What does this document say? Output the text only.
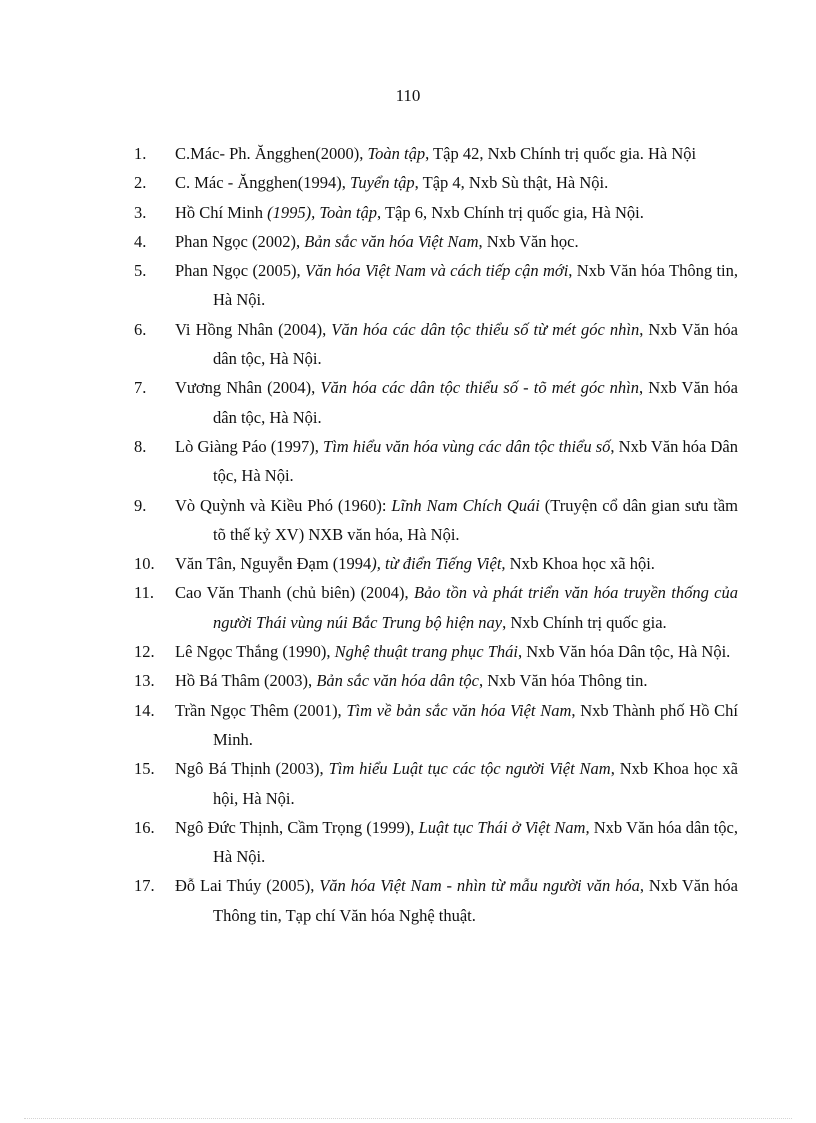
110
1.	C.Mác- Ph. Ăngghen(2000), Toàn tập, Tập 42, Nxb Chính trị quốc gia. Hà Nội
2.	C. Mác - Ăngghen(1994), Tuyển tập, Tập 4, Nxb Sù thật, Hà Nội.
3.	Hồ Chí Minh (1995), Toàn tập, Tập 6, Nxb Chính trị quốc gia, Hà Nội.
4.	Phan Ngọc (2002), Bản sắc văn hóa Việt Nam, Nxb Văn học.
5.	Phan Ngọc (2005), Văn hóa Việt Nam và cách tiếp cận mới, Nxb Văn hóa Thông tin, Hà Nội.
6.	Vi Hồng Nhân (2004), Văn hóa các dân tộc thiểu số từ mét góc nhìn, Nxb Văn hóa dân tộc, Hà Nội.
7.	Vương Nhân (2004), Văn hóa các dân tộc thiểu số - tõ mét góc nhìn, Nxb Văn hóa dân tộc, Hà Nội.
8.	Lò Giàng Páo (1997), Tìm hiểu văn hóa vùng các dân tộc thiểu số, Nxb Văn hóa Dân tộc, Hà Nội.
9.	Vò Quỳnh và Kiều Phó (1960): Lĩnh Nam Chích Quái (Truyện cổ dân gian sưu tầm tõ thế kỷ XV) NXB văn hóa, Hà Nội.
10.	Văn Tân, Nguyễn Đạm (1994), từ điển Tiếng Việt, Nxb Khoa học xã hội.
11.	Cao Văn Thanh (chủ biên) (2004), Bảo tồn và phát triển văn hóa truyền thống của người Thái vùng núi Bắc Trung bộ hiện nay, Nxb Chính trị quốc gia.
12.	Lê Ngọc Thắng (1990), Nghệ thuật trang phục Thái, Nxb Văn hóa Dân tộc, Hà Nội.
13.	Hồ Bá Thâm (2003), Bản sắc văn hóa dân tộc, Nxb Văn hóa Thông tin.
14.	Trần Ngọc Thêm (2001), Tìm về bản sắc văn hóa Việt Nam, Nxb Thành phố Hồ Chí Minh.
15.	Ngô Bá Thịnh (2003), Tìm hiểu Luật tục các tộc người Việt Nam, Nxb Khoa học xã hội, Hà Nội.
16.	Ngô Đức Thịnh, Cầm Trọng (1999), Luật tục Thái ở Việt Nam, Nxb Văn hóa dân tộc, Hà Nội.
17.	Đỗ Lai Thúy (2005), Văn hóa Việt Nam - nhìn từ mẫu người văn hóa, Nxb Văn hóa Thông tin, Tạp chí Văn hóa Nghệ thuật.
